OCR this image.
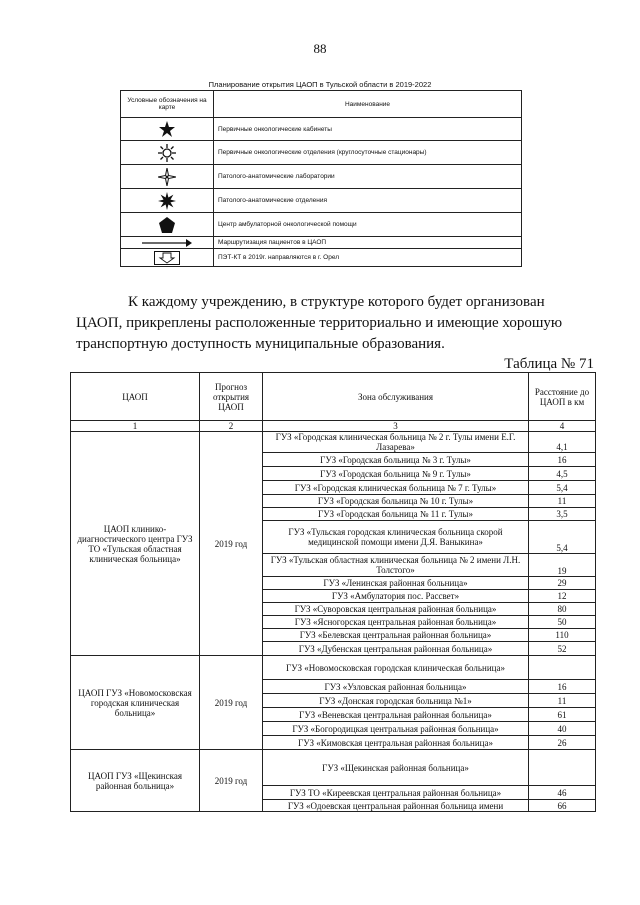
88
Планирование открытия ЦАОП в Тульской области в 2019-2022
Условные обозначения на карте	Наименование

	Первичные онкологические кабинеты

	Первичные онкологические отделения (круглосуточные стационары)

	Патолого-анатомические лаборатории

	Патолого-анатомические отделения

	Центр амбулаторной онкологической помощи

	Маршрутизация пациентов в ЦАОП

	ПЭТ-КТ в 2019г. направляются в г. Орел
К каждому учреждению, в структуре которого будет организован
ЦАОП, прикреплены расположенные территориально и имеющие хорошую
транспортную доступность муниципальные образования.
Таблица № 71
ЦАОП	Прогноз открытия ЦАОП	Зона обслуживания	Расстояние до ЦАОП в км
1	2	3	4
ЦАОП клинико-диагностического центра ГУЗ ТО «Тульская областная клиническая больница»	2019 год	ГУЗ «Городская клиническая больница № 2 г. Тулы имени Е.Г. Лазарева»	4,1
		ГУЗ «Городская больница № 3 г. Тулы»	16
		ГУЗ «Городская больница № 9 г. Тулы»	4,5
		ГУЗ «Городская клиническая больница № 7 г. Тулы»	5,4
		ГУЗ «Городская больница № 10 г. Тулы»	11
		ГУЗ «Городская больница № 11 г. Тулы»	3,5
		ГУЗ «Тульская городская клиническая больница скорой медицинской помощи имени Д.Я. Ваныкина»	5,4
		ГУЗ «Тульская областная клиническая больница № 2 имени Л.Н. Толстого»	19
		ГУЗ «Ленинская районная больница»	29
		ГУЗ «Амбулатория пос. Рассвет»	12
		ГУЗ «Суворовская центральная районная больница»	80
		ГУЗ «Ясногорская центральная районная больница»	50
		ГУЗ «Белевская центральная районная больница»	110
		ГУЗ «Дубенская центральная районная больница»	52
ЦАОП ГУЗ «Новомосковская городская клиническая больница»	2019 год	ГУЗ «Новомосковская городская клиническая больница»	
		ГУЗ «Узловская районная больница»	16
		ГУЗ «Донская городская больница №1»	11
		ГУЗ «Веневская центральная районная больница»	61
		ГУЗ «Богородицкая центральная районная больница»	40
		ГУЗ «Кимовская центральная районная больница»	26
ЦАОП ГУЗ «Щекинская районная больница»	2019 год	ГУЗ «Щекинская районная больница»	
		ГУЗ ТО «Киреевская центральная районная больница»	46
		ГУЗ «Одоевская центральная районная больница имени	66
